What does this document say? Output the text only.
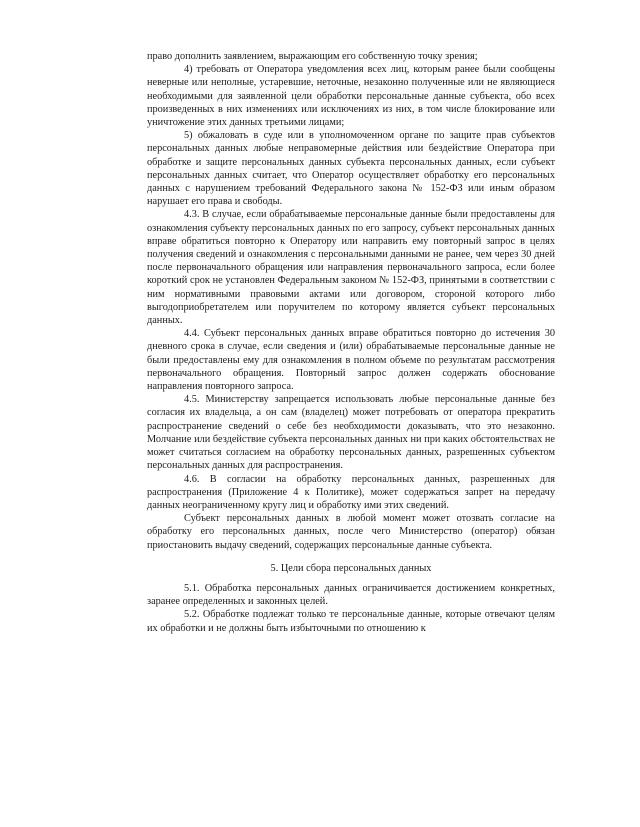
право дополнить заявлением, выражающим его собственную точку зрения;

4) требовать от Оператора уведомления всех лиц, которым ранее были сообщены неверные или неполные, устаревшие, неточные, незаконно полученные или не являющиеся необходимыми для заявленной цели обработки персональные данные субъекта, обо всех произведенных в них изменениях или исключениях из них, в том числе блокирование или уничтожение этих данных третьими лицами;

5) обжаловать в суде или в уполномоченном органе по защите прав субъектов персональных данных любые неправомерные действия или бездействие Оператора при обработке и защите персональных данных субъекта персональных данных, если субъект персональных данных считает, что Оператор осуществляет обработку его персональных данных с нарушением требований Федерального закона № 152-ФЗ или иным образом нарушает его права и свободы.

4.3. В случае, если обрабатываемые персональные данные были предоставлены для ознакомления субъекту персональных данных по его запросу, субъект персональных данных вправе обратиться повторно к Оператору или направить ему повторный запрос в целях получения сведений и ознакомления с персональными данными не ранее, чем через 30 дней после первоначального обращения или направления первоначального запроса, если более короткий срок не установлен Федеральным законом № 152-ФЗ, принятыми в соответствии с ним нормативными правовыми актами или договором, стороной которого либо выгодоприобретателем или поручителем по которому является субъект персональных данных.

4.4. Субъект персональных данных вправе обратиться повторно до истечения 30 дневного срока в случае, если сведения и (или) обрабатываемые персональные данные не были предоставлены ему для ознакомления в полном объеме по результатам рассмотрения первоначального обращения. Повторный запрос должен содержать обоснование направления повторного запроса.

4.5. Министерству запрещается использовать любые персональные данные без согласия их владельца, а он сам (владелец) может потребовать от оператора прекратить распространение сведений о себе без необходимости доказывать, что это незаконно. Молчание или бездействие субъекта персональных данных ни при каких обстоятельствах не может считаться согласием на обработку персональных данных, разрешенных субъектом персональных данных для распространения.

4.6. В согласии на обработку персональных данных, разрешенных для распространения (Приложение 4 к Политике), может содержаться запрет на передачу данных неограниченному кругу лиц и обработку ими этих сведений.

Субъект персональных данных в любой момент может отозвать согласие на обработку его персональных данных, после чего Министерство (оператор) обязан приостановить выдачу сведений, содержащих персональные данные субъекта.

5. Цели сбора персональных данных

5.1. Обработка персональных данных ограничивается достижением конкретных, заранее определенных и законных целей.

5.2. Обработке подлежат только те персональные данные, которые отвечают целям их обработки и не должны быть избыточными по отношению к
